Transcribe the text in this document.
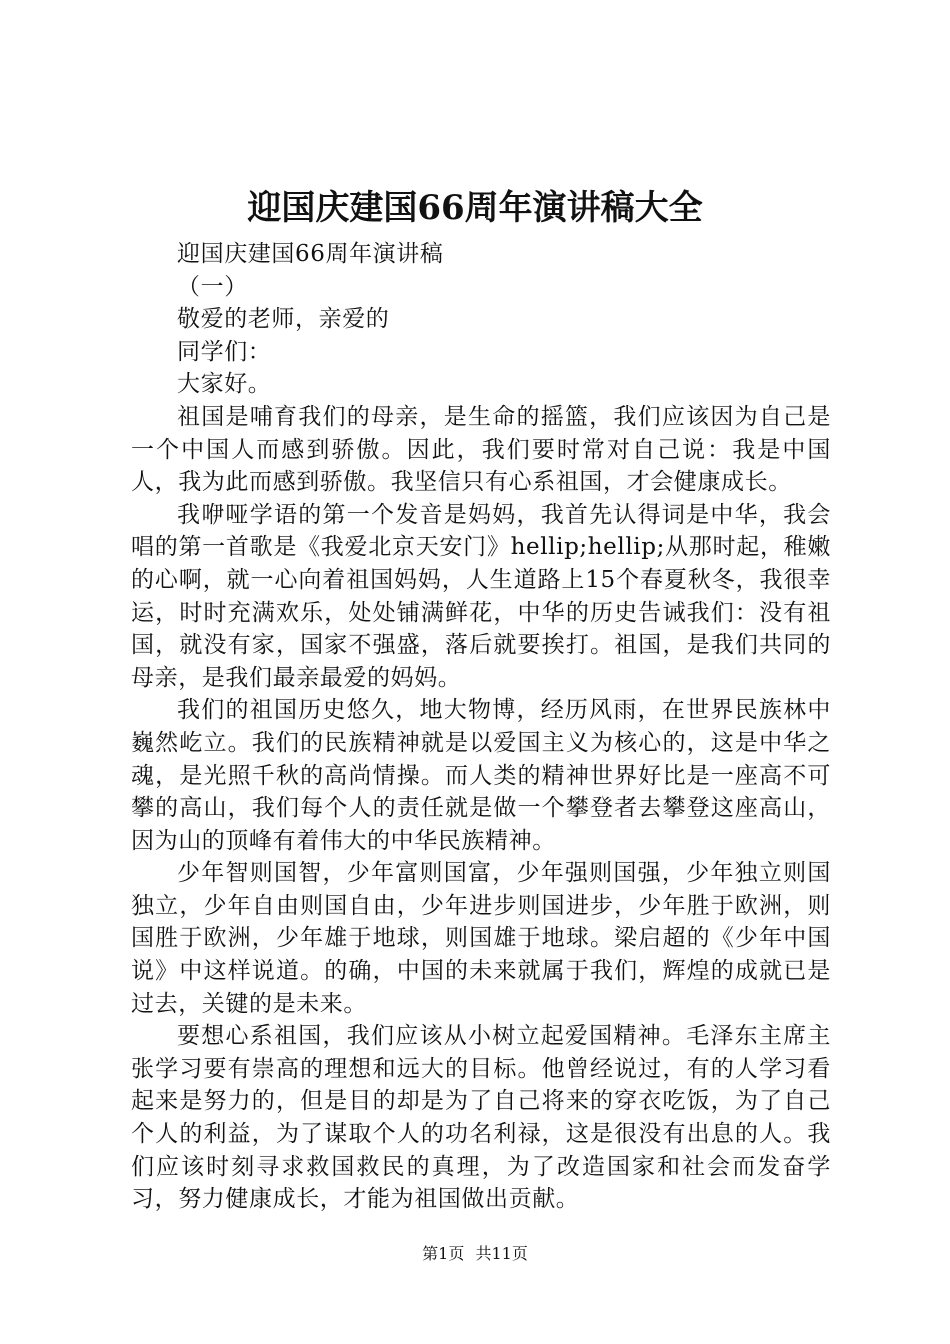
迎国庆建国66周年演讲稿大全

迎国庆建国66周年演讲稿

（一）

敬爱的老师，亲爱的

同学们：

大家好。

祖国是哺育我们的母亲，是生命的摇篮，我们应该因为自己是一个中国人而感到骄傲。因此，我们要时常对自己说：我是中国人，我为此而感到骄傲。我坚信只有心系祖国，才会健康成长。

我咿哑学语的第一个发音是妈妈，我首先认得词是中华，我会唱的第一首歌是《我爱北京天安门》hellip;hellip;从那时起，稚嫩的心啊，就一心向着祖国妈妈，人生道路上15个春夏秋冬，我很幸运，时时充满欢乐，处处铺满鲜花，中华的历史告诫我们：没有祖国，就没有家，国家不强盛，落后就要挨打。祖国，是我们共同的母亲，是我们最亲最爱的妈妈。

我们的祖国历史悠久，地大物博，经历风雨，在世界民族林中巍然屹立。我们的民族精神就是以爱国主义为核心的，这是中华之魂，是光照千秋的高尚情操。而人类的精神世界好比是一座高不可攀的高山，我们每个人的责任就是做一个攀登者去攀登这座高山，因为山的顶峰有着伟大的中华民族精神。

少年智则国智，少年富则国富，少年强则国强，少年独立则国独立，少年自由则国自由，少年进步则国进步，少年胜于欧洲，则国胜于欧洲，少年雄于地球，则国雄于地球。梁启超的《少年中国说》中这样说道。的确，中国的未来就属于我们，辉煌的成就已是过去，关键的是未来。

要想心系祖国，我们应该从小树立起爱国精神。毛泽东主席主张学习要有崇高的理想和远大的目标。他曾经说过，有的人学习看起来是努力的，但是目的却是为了自己将来的穿衣吃饭，为了自己个人的利益，为了谋取个人的功名利禄，这是很没有出息的人。我们应该时刻寻求救国救民的真理，为了改造国家和社会而发奋学习，努力健康成长，才能为祖国做出贡献。

第1页 共11页
